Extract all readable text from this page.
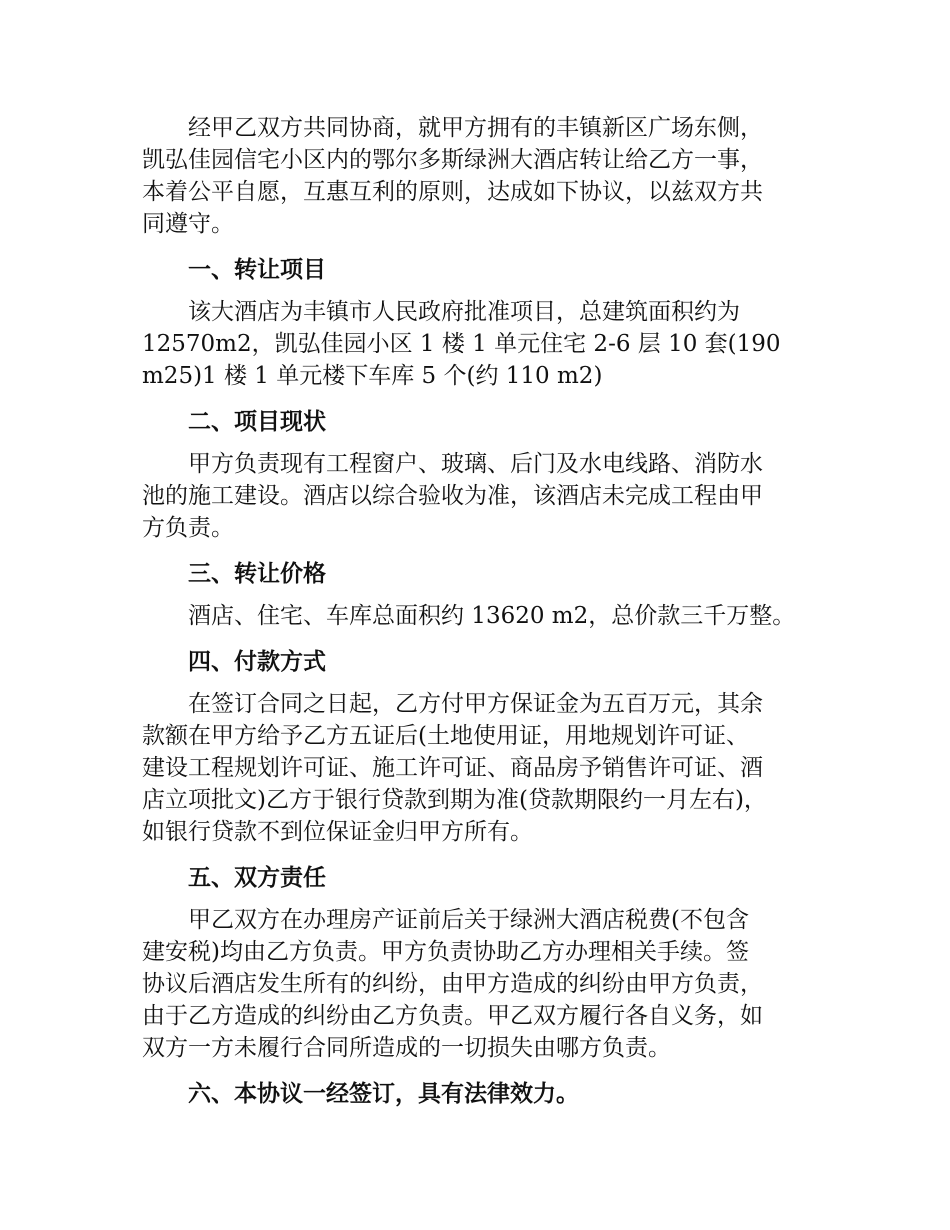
经甲乙双方共同协商，就甲方拥有的丰镇新区广场东侧，
凯弘佳园信宅小区内的鄂尔多斯绿洲大酒店转让给乙方一事，
本着公平自愿，互惠互利的原则，达成如下协议，以兹双方共
同遵守。
一、转让项目
该大酒店为丰镇市人民政府批准项目，总建筑面积约为
12570m2，凯弘佳园小区 1 楼 1 单元住宅 2-6 层 10 套(190
m25)1 楼 1 单元楼下车库 5 个(约 110 m2)
二、项目现状
甲方负责现有工程窗户、玻璃、后门及水电线路、消防水
池的施工建设。酒店以综合验收为准，该酒店未完成工程由甲
方负责。
三、转让价格
酒店、住宅、车库总面积约 13620 m2，总价款三千万整。
四、付款方式
在签订合同之日起，乙方付甲方保证金为五百万元，其余
款额在甲方给予乙方五证后(土地使用证，用地规划许可证、
建设工程规划许可证、施工许可证、商品房予销售许可证、酒
店立项批文)乙方于银行贷款到期为准(贷款期限约一月左右)，
如银行贷款不到位保证金归甲方所有。
五、双方责任
甲乙双方在办理房产证前后关于绿洲大酒店税费(不包含
建安税)均由乙方负责。甲方负责协助乙方办理相关手续。签
协议后酒店发生所有的纠纷，由甲方造成的纠纷由甲方负责，
由于乙方造成的纠纷由乙方负责。甲乙双方履行各自义务，如
双方一方未履行合同所造成的一切损失由哪方负责。
六、本协议一经签订，具有法律效力。
